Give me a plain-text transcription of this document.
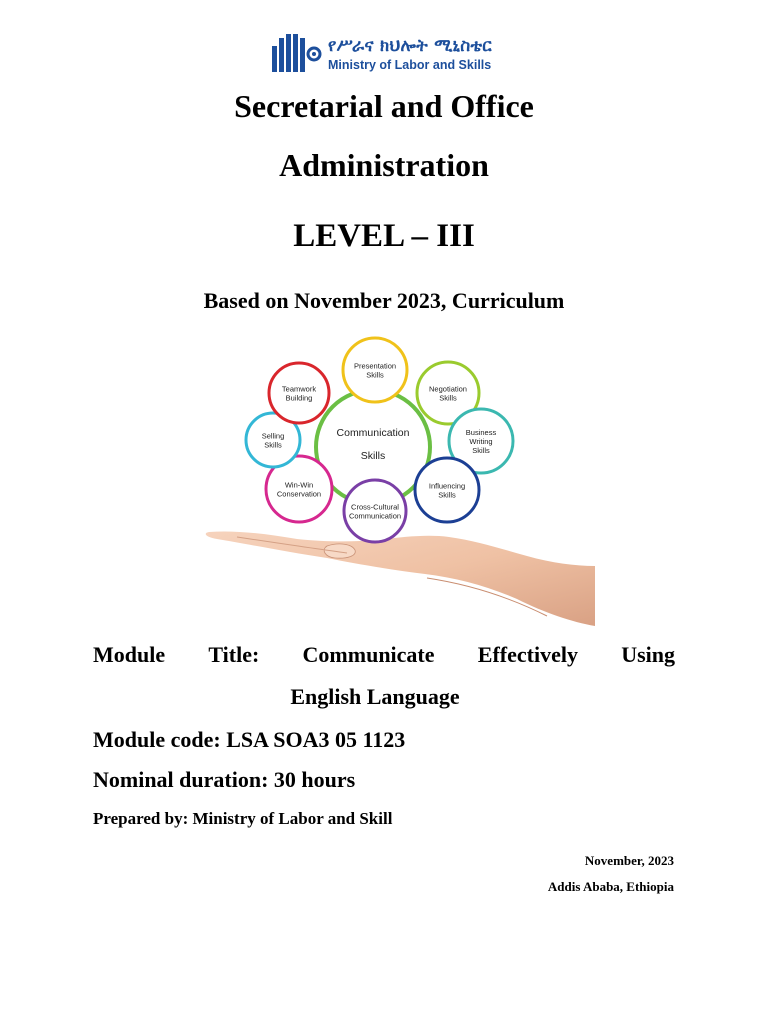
የሥራና ክህሎት ሚኒስቴር
Ministry of Labor and Skills
Secretarial and Office
Administration
LEVEL – III
Based on November 2023, Curriculum
Communication
Skills
Presentation
Skills
Negotiation
Skills
Business
Writing
Skills
Influencing
Skills
Cross-Cultural
Communication
Win-Win
Conservation
Selling
Skills
Teamwork
Building
Module Title: Communicate Effectively Using
English Language
Module code: LSA SOA3 05 1123
Nominal duration: 30 hours
Prepared by: Ministry of Labor and Skill
November, 2023
Addis Ababa, Ethiopia
